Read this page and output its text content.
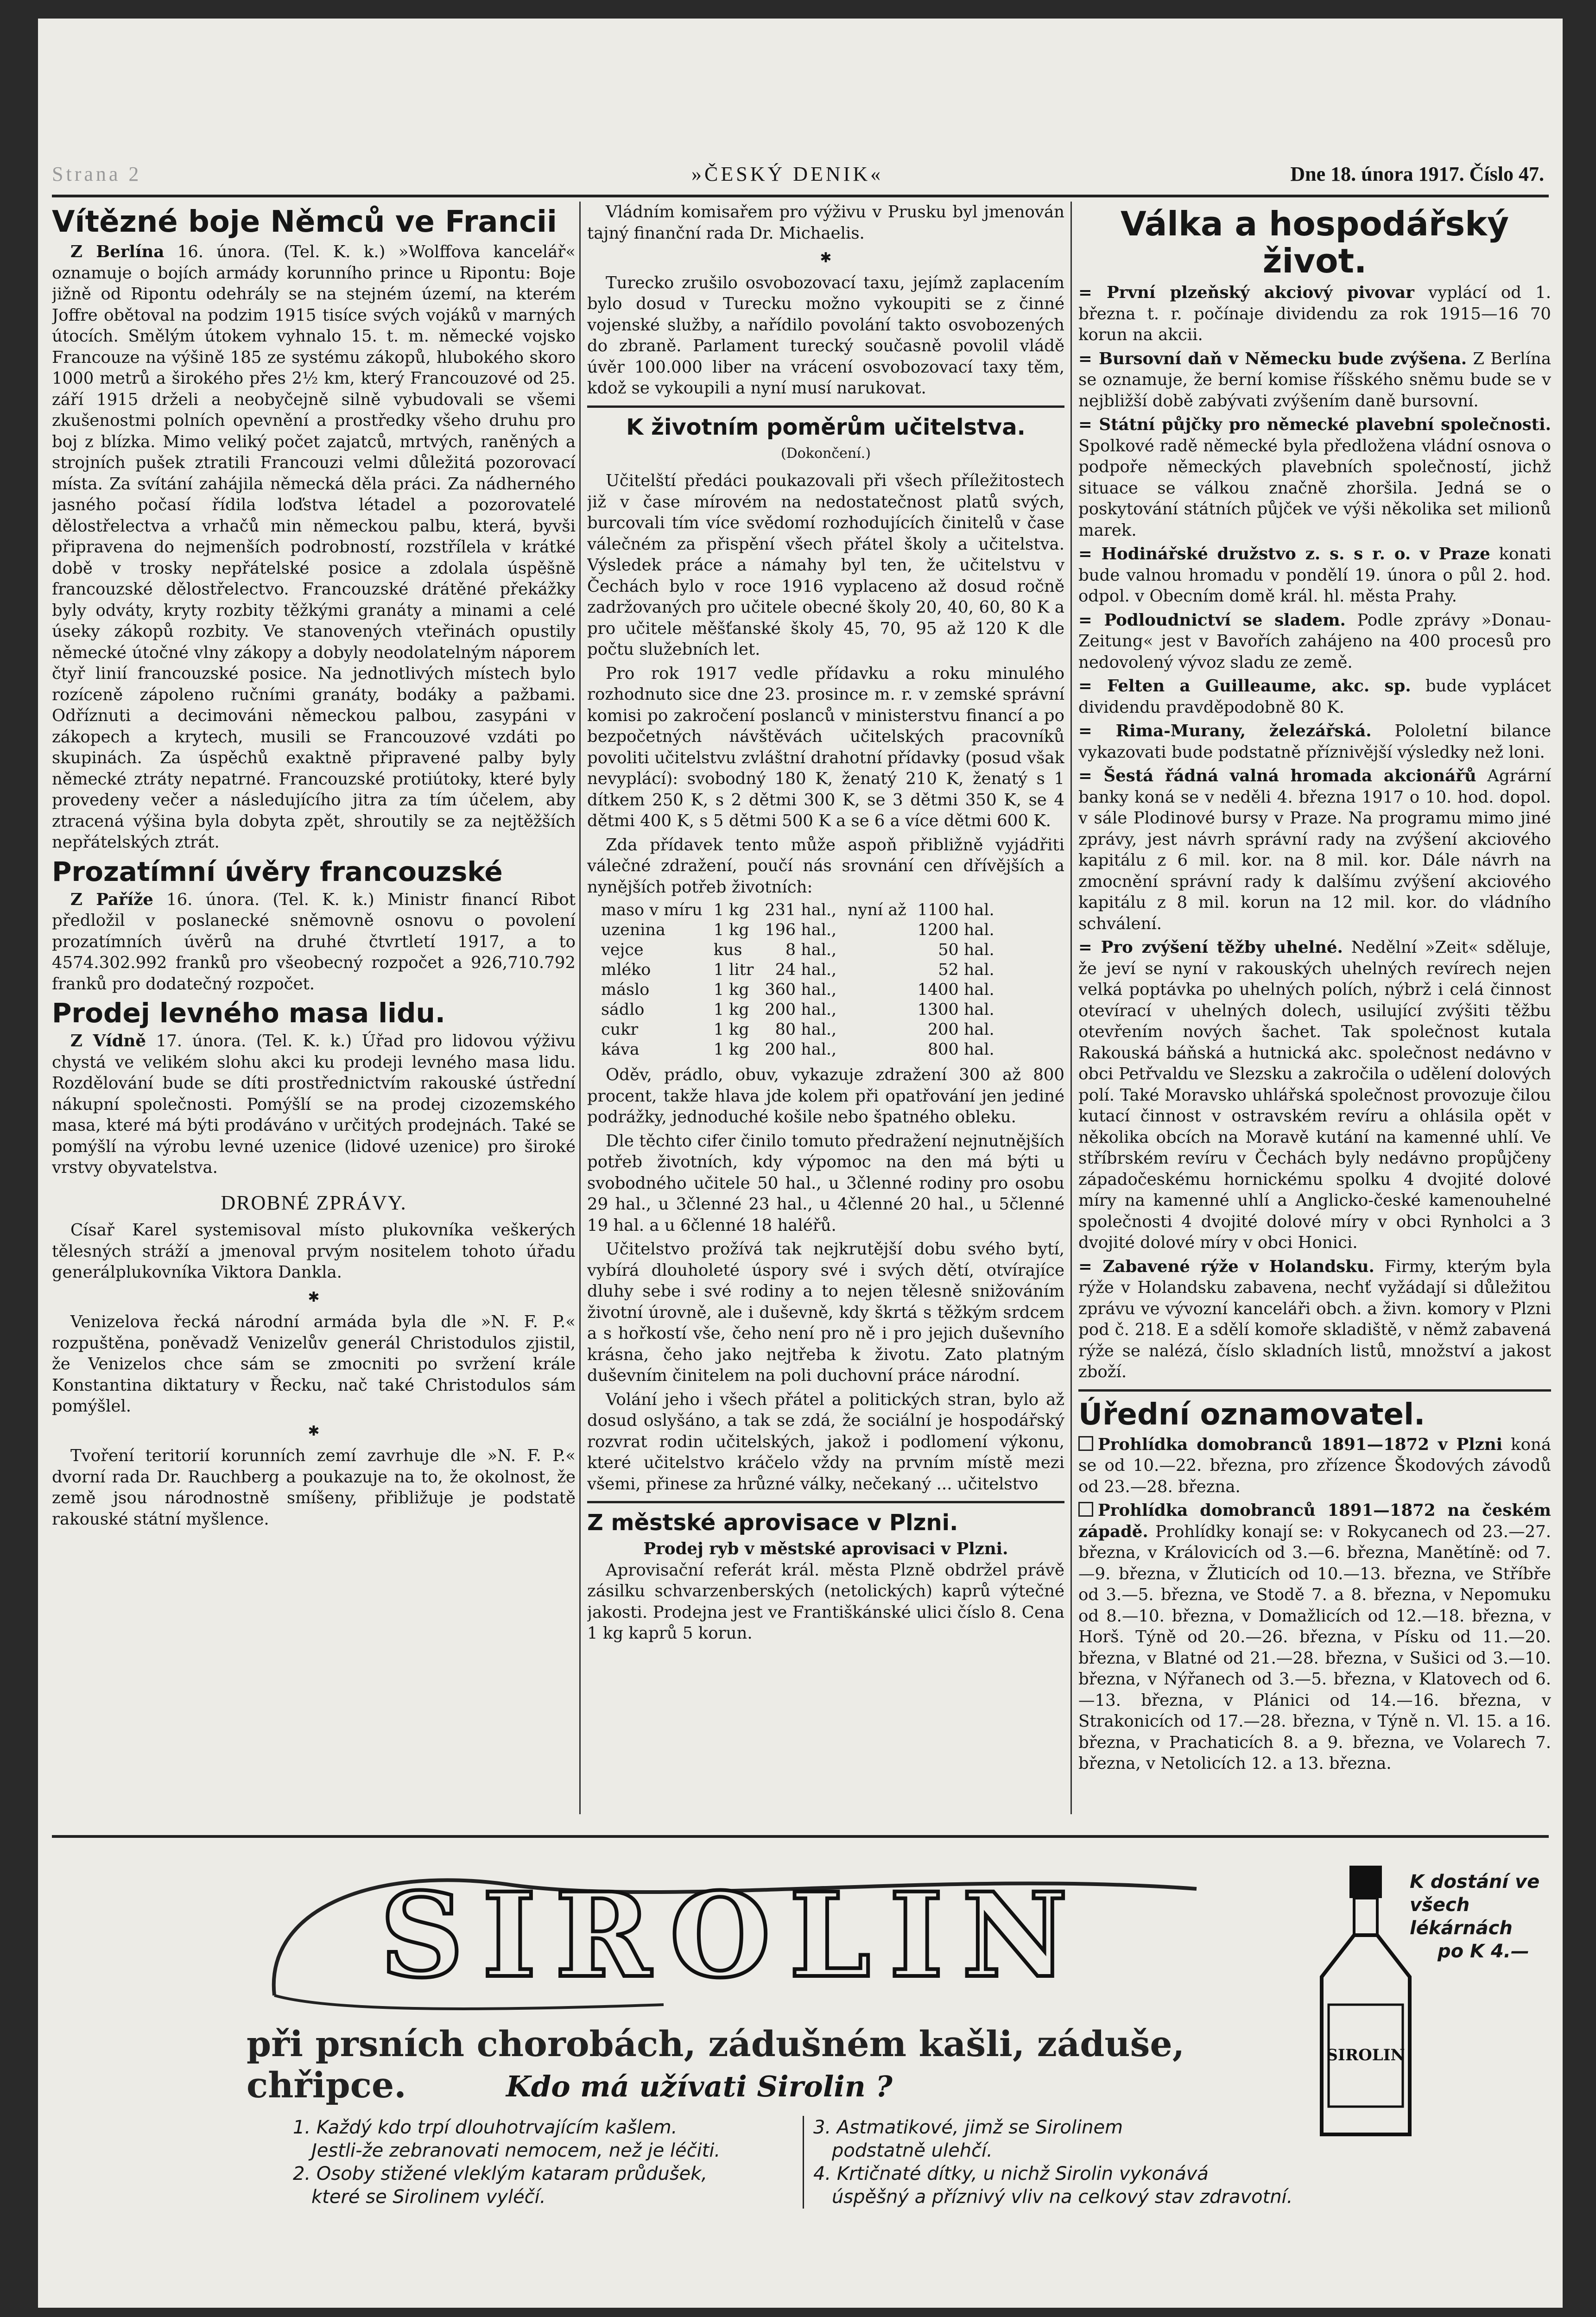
Strana 2	»ČESKÝ DENIK«	Dne 18. února 1917. Číslo 47.
Vítězné boje Němců ve Francii

Z Berlína 16. února. (Tel. K. k.) »Wolffova kancelář« oznamuje o bojích armády korunního prince u Ripontu: Boje jižně od Ripontu odehrály se na stejném území, na kterém Joffre obětoval na podzim 1915 tisíce svých vojáků v marných útocích. Smělým útokem vyhnalo 15. t. m. německé vojsko Francouze na výšině 185 ze systému zákopů, hlubokého skoro 1000 metrů a širokého přes 2½ km, který Francouzové od 25. září 1915 drželi a neobyčejně silně vybudovali se všemi zkušenostmi polních opevnění a prostředky všeho druhu pro boj z blízka. Mimo veliký počet zajatců, mrtvých, raněných a strojních pušek ztratili Francouzi velmi důležitá pozorovací místa. Za svítání zahájila německá děla práci. Za nádherného jasného počasí řídila loďstva létadel a pozorovatelé dělostřelectva a vrhačů min německou palbu, která, byvši připravena do nejmenších podrobností, rozstřílela v krátké době v trosky nepřátelské posice a zdolala úspěšně francouzské dělostřelectvo. Francouzské drátěné překážky byly odváty, kryty rozbity těžkými granáty a minami a celé úseky zákopů rozbity. Ve stanovených vteřinách opustily německé útočné vlny zákopy a dobyly neodolatelným náporem čtyř linií francouzské posice. Na jednotlivých místech bylo rozíceně zápoleno ručními granáty, bodáky a pažbami. Odříznuti a decimováni německou palbou, zasypáni v zákopech a krytech, musili se Francouzové vzdáti po skupinách. Za úspěchů exaktně připravené palby byly německé ztráty nepatrné. Francouzské protiútoky, které byly provedeny večer a následujícího jitra za tím účelem, aby ztracená výšina byla dobyta zpět, shroutily se za nejtěžších nepřátelských ztrát.

Prozatímní úvěry francouzské

Z Paříže 16. února. (Tel. K. k.) Ministr financí Ribot předložil v poslanecké sněmovně osnovu o povolení prozatímních úvěrů na druhé čtvrtletí 1917, a to 4574.302.992 franků pro všeobecný rozpočet a 926,710.792 franků pro dodatečný rozpočet.

Prodej levného masa lidu.

Z Vídně 17. února. (Tel. K. k.) Úřad pro lidovou výživu chystá ve velikém slohu akci ku prodeji levného masa lidu. Rozdělování bude se díti prostřednictvím rakouské ústřední nákupní společnosti. Pomýšlí se na prodej cizozemského masa, které má býti prodáváno v určitých prodejnách. Také se pomýšlí na výrobu levné uzenice (lidové uzenice) pro široké vrstvy obyvatelstva.

DROBNÉ ZPRÁVY.

Císař Karel systemisoval místo plukovníka veškerých tělesných stráží a jmenoval prvým nositelem tohoto úřadu generálplukovníka Viktora Dankla.

✱

Venizelova řecká národní armáda byla dle »N. F. P.« rozpuštěna, poněvadž Venizelův generál Christodulos zjistil, že Venizelos chce sám se zmocniti po svržení krále Konstantina diktatury v Řecku, nač také Christodulos sám pomýšlel.

✱

Tvoření teritorií korunních zemí zavrhuje dle »N. F. P.« dvorní rada Dr. Rauchberg a poukazuje na to, že okolnost, že země jsou národnostně smíšeny, přibližuje je podstatě rakouské státní myšlence.

Vládním komisařem pro výživu v Prusku byl jmenován tajný finanční rada Dr. Michaelis.

✱

Turecko zrušilo osvobozovací taxu, jejímž zaplacením bylo dosud v Turecku možno vykoupiti se z činné vojenské služby, a nařídilo povolání takto osvobozených do zbraně. Parlament turecký současně povolil vládě úvěr 100.000 liber na vrácení osvobozovací taxy těm, kdož se vykoupili a nyní musí narukovat.

K životním poměrům učitelstva.
(Dokončení.)

Učitelští předáci poukazovali při všech příležitostech již v čase mírovém na nedostatečnost platů svých, burcovali tím více svědomí rozhodujících činitelů v čase válečném za přispění všech přátel školy a učitelstva. Výsledek práce a námahy byl ten, že učitelstvu v Čechách bylo v roce 1916 vyplaceno až dosud ročně zadržovaných pro učitele obecné školy 20, 40, 60, 80 K a pro učitele měšťanské školy 45, 70, 95 až 120 K dle počtu služebních let.

Pro rok 1917 vedle přídavku a roku minulého rozhodnuto sice dne 23. prosince m. r. v zemské správní komisi po zakročení poslanců v ministerstvu financí a po bezpočetných návštěvách učitelských pracovníků povoliti učitelstvu zvláštní drahotní přídavky (posud však nevyplácí): svobodný 180 K, ženatý 210 K, ženatý s 1 dítkem 250 K, s 2 dětmi 300 K, se 3 dětmi 350 K, se 4 dětmi 400 K, s 5 dětmi 500 K a se 6 a více dětmi 600 K.

Zda přídavek tento může aspoň přibližně vyjádřiti válečné zdražení, poučí nás srovnání cen dřívějších a nynějších potřeb životních:

maso v míru	1 kg	231 hal.,	nyní až	1100 hal.
uzenina	1 kg	196 hal.,		1200 hal.
vejce	kus	8 hal.,		50 hal.
mléko	1 litr	24 hal.,		52 hal.
máslo	1 kg	360 hal.,		1400 hal.
sádlo	1 kg	200 hal.,		1300 hal.
cukr	1 kg	80 hal.,		200 hal.
káva	1 kg	200 hal.,		800 hal.

Oděv, prádlo, obuv, vykazuje zdražení 300 až 800 procent, takže hlava jde kolem při opatřování jen jediné podrážky, jednoduché košile nebo špatného obleku.

Dle těchto cifer činilo tomuto předražení nejnutnějších potřeb životních, kdy výpomoc na den má býti u svobodného učitele 50 hal., u 3členné rodiny pro osobu 29 hal., u 3členné 23 hal., u 4členné 20 hal., u 5členné 19 hal. a u 6členné 18 haléřů.

Učitelstvo prožívá tak nejkrutější dobu svého bytí, vybírá dlouholeté úspory své i svých dětí, otvírajíce dluhy sebe i své rodiny a to nejen tělesně snižováním životní úrovně, ale i duševně, kdy škrtá s těžkým srdcem a s hořkostí vše, čeho není pro ně i pro jejich duševního krásna, čeho jako nejtřeba k životu. Zato platným duševním činitelem na poli duchovní práce národní.

Volání jeho i všech přátel a politických stran, bylo až dosud oslyšáno, a tak se zdá, že sociální je hospodářský rozvrat rodin učitelských, jakož i podlomení výkonu, které učitelstvo kráčelo vždy na prvním místě mezi všemi, přinese za hrůzné války, nečekaný ... učitelstvo

Z městské aprovisace v Plzni.
Prodej ryb v městské aprovisaci v Plzni.

Aprovisační referát král. města Plzně obdržel právě zásilku schvarzenberských (netolických) kaprů výtečné jakosti. Prodejna jest ve Františkánské ulici číslo 8. Cena 1 kg kaprů 5 korun.

Válka a hospodářský život.
= První plzeňský akciový pivovar vyplácí od 1. března t. r. počínaje dividendu za rok 1915—16 70 korun na akcii.
= Bursovní daň v Německu bude zvýšena. Z Berlína se oznamuje, že berní komise říšského sněmu bude se v nejbližší době zabývati zvýšením daně bursovní.
= Státní půjčky pro německé plavební společnosti. Spolkové radě německé byla předložena vládní osnova o podpoře německých plavebních společností, jichž situace se válkou značně zhoršila. Jedná se o poskytování státních půjček ve výši několika set milionů marek.
= Hodinářské družstvo z. s. s r. o. v Praze konati bude valnou hromadu v pondělí 19. února o půl 2. hod. odpol. v Obecním domě král. hl. města Prahy.
= Podloudnictví se sladem. Podle zprávy »Donau-Zeitung« jest v Bavořích zahájeno na 400 procesů pro nedovolený vývoz sladu ze země.
= Felten a Guilleaume, akc. sp. bude vyplácet dividendu pravděpodobně 80 K.
= Rima-Murany, železářská. Pololetní bilance vykazovati bude podstatně příznivější výsledky než loni.
= Šestá řádná valná hromada akcionářů Agrární banky koná se v neděli 4. března 1917 o 10. hod. dopol. v sále Plodinové bursy v Praze. Na programu mimo jiné zprávy, jest návrh správní rady na zvýšení akciového kapitálu z 6 mil. kor. na 8 mil. kor. Dále návrh na zmocnění správní rady k dalšímu zvýšení akciového kapitálu z 8 mil. korun na 12 mil. kor. do vládního schválení.
= Pro zvýšení těžby uhelné. Nedělní »Zeit« sděluje, že jeví se nyní v rakouských uhelných revírech nejen velká poptávka po uhelných polích, nýbrž i celá činnost otevírací v uhelných dolech, usilující zvýšiti těžbu otevřením nových šachet. Tak společnost kutala Rakouská báňská a hutnická akc. společnost nedávno v obci Petřvaldu ve Slezsku a zakročila o udělení dolových polí. Také Moravsko uhlářská společnost provozuje čilou kutací činnost v ostravském revíru a ohlásila opět v několika obcích na Moravě kutání na kamenné uhlí. Ve stříbrském revíru v Čechách byly nedávno propůjčeny západočeskému hornickému spolku 4 dvojité dolové míry na kamenné uhlí a Anglicko-české kamenouhelné společnosti 4 dvojité dolové míry v obci Rynholci a 3 dvojité dolové míry v obci Honici.
= Zabavené rýže v Holandsku. Firmy, kterým byla rýže v Holandsku zabavena, nechť vyžádají si důležitou zprávu ve vývozní kanceláři obch. a živn. komory v Plzni pod č. 218. E a sdělí komoře skladiště, v němž zabavená rýže se nalézá, číslo skladních listů, množství a jakost zboží.
Úřední oznamovatel.
Prohlídka domobranců 1891—1872 v Plzni koná se od 10.—22. března, pro zřízence Škodových závodů od 23.—28. března.
Prohlídka domobranců 1891—1872 na českém západě. Prohlídky konají se: v Rokycanech od 23.—27. března, v Královicích od 3.—6. března, Manětíně: od 7.—9. března, v Žluticích od 10.—13. března, ve Stříbře od 3.—5. března, ve Stodě 7. a 8. března, v Nepomuku od 8.—10. března, v Domažlicích od 12.—18. března, v Horš. Týně od 20.—26. března, v Písku od 11.—20. března, v Blatné od 21.—28. března, v Sušici od 3.—10. března, v Nýřanech od 3.—5. března, v Klatovech od 6.—13. března, v Plánici od 14.—16. března, v Strakonicích od 17.—28. března, v Týně n. Vl. 15. a 16. března, v Prachaticích 8. a 9. března, ve Volarech 7. března, v Netolicích 12. a 13. března.
SIROLIN
při prsních chorobách, zádušném kašli, záduše, chřipce.	Kdo má užívati Sirolin ?
1. Každý kdo trpí dlouhotrvajícím kašlem.
Jestli-že zebranovati nemocem, než je léčiti.
2. Osoby stižené vleklým kataram průdušek,
které se Sirolinem vyléčí.
3. Astmatikové, jimž se Sirolinem
podstatně ulehčí.
4. Krtičnaté dítky, u nichž Sirolin vykonává
úspěšný a příznivý vliv na celkový stav zdravotní.
SIROLIN
K dostání ve
všech lékárnách
po K 4.—
